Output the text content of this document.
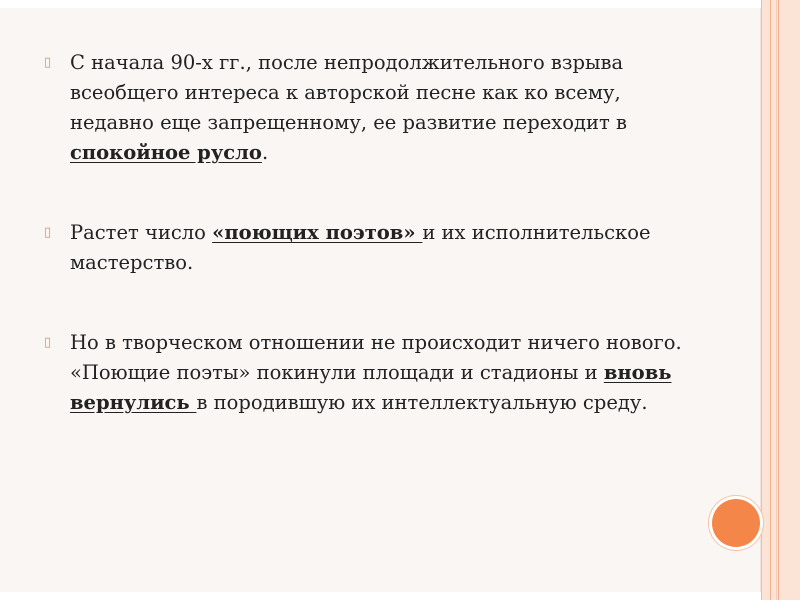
▯ С начала 90-х гг., после непродолжительного взрыва всеобщего интереса к авторской песне как ко всему, недавно еще запрещенному, ее развитие переходит в спокойное русло.
▯ Растет число «поющих поэтов» и их исполнительское мастерство.
▯ Но в творческом отношении не происходит ничего нового. «Поющие поэты» покинули площади и стадионы и вновь вернулись в породившую их интеллектуальную среду.
